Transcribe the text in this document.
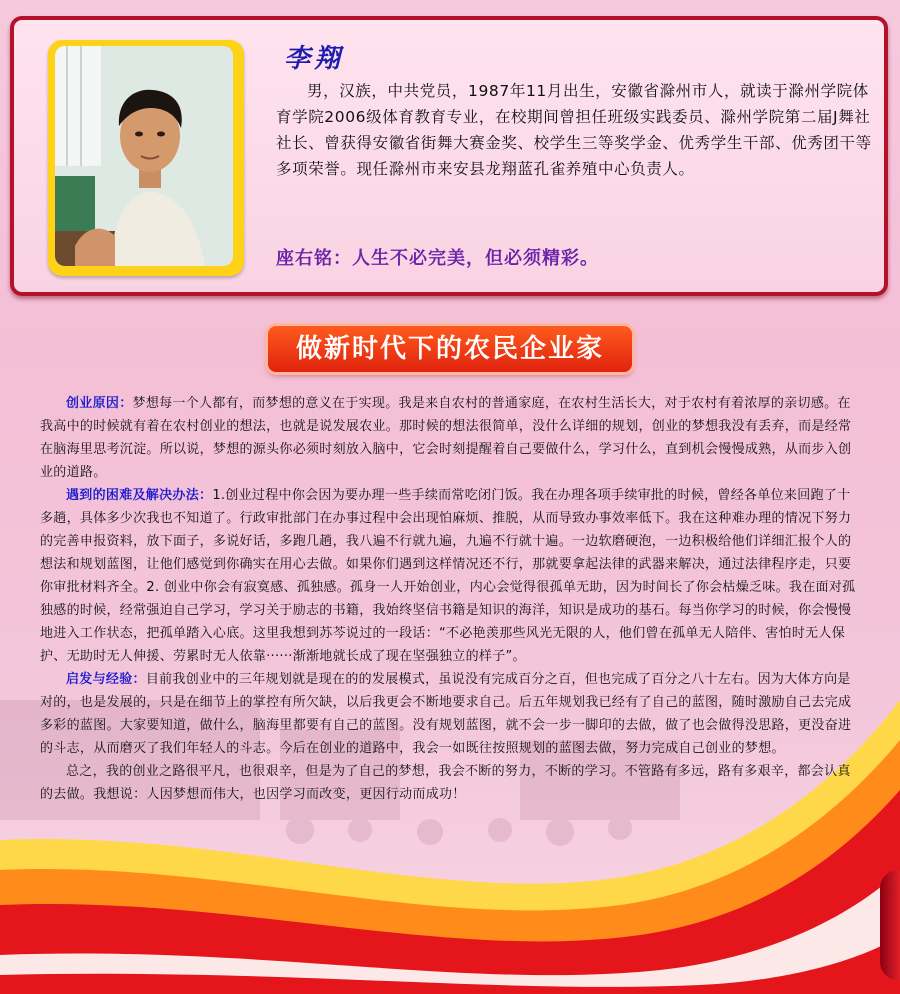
李翔

男，汉族，中共党员，1987年11月出生，安徽省滁州市人，就读于滁州学院体育学院2006级体育教育专业，在校期间曾担任班级实践委员、滁州学院第二届J舞社社长、曾获得安徽省街舞大赛金奖、校学生三等奖学金、优秀学生干部、优秀团干等多项荣誉。现任滁州市来安县龙翔蓝孔雀养殖中心负责人。

座右铭：人生不必完美，但必须精彩。
做新时代下的农民企业家

创业原因：梦想每一个人都有，而梦想的意义在于实现。我是来自农村的普通家庭，在农村生活长大，对于农村有着浓厚的亲切感。在我高中的时候就有着在农村创业的想法，也就是说发展农业。那时候的想法很简单，没什么详细的规划，创业的梦想我没有丢弃，而是经常在脑海里思考沉淀。所以说，梦想的源头你必须时刻放入脑中，它会时刻提醒着自己要做什么，学习什么，直到机会慢慢成熟，从而步入创业的道路。

遇到的困难及解决办法：1.创业过程中你会因为要办理一些手续而常吃闭门饭。我在办理各项手续审批的时候，曾经各单位来回跑了十多趟，具体多少次我也不知道了。行政审批部门在办事过程中会出现怕麻烦、推脱，从而导致办事效率低下。我在这种难办理的情况下努力的完善申报资料，放下面子，多说好话，多跑几趟，我八遍不行就九遍，九遍不行就十遍。一边软磨硬泡，一边积极给他们详细汇报个人的想法和规划蓝图，让他们感觉到你确实在用心去做。如果你们遇到这样情况还不行，那就要拿起法律的武器来解决，通过法律程序走，只要你审批材料齐全。2. 创业中你会有寂寞感、孤独感。孤身一人开始创业，内心会觉得很孤单无助，因为时间长了你会枯燥乏味。我在面对孤独感的时候，经常强迫自己学习，学习关于励志的书籍，我始终坚信书籍是知识的海洋，知识是成功的基石。每当你学习的时候，你会慢慢地进入工作状态，把孤单踏入心底。这里我想到苏芩说过的一段话：“不必艳羡那些风光无限的人，他们曾在孤单无人陪伴、害怕时无人保护、无助时无人伸援、劳累时无人依靠······渐渐地就长成了现在坚强独立的样子”。

启发与经验：目前我创业中的三年规划就是现在的的发展模式，虽说没有完成百分之百，但也完成了百分之八十左右。因为大体方向是对的，也是发展的，只是在细节上的掌控有所欠缺，以后我更会不断地要求自己。后五年规划我已经有了自己的蓝图，随时激励自己去完成多彩的蓝图。大家要知道，做什么，脑海里都要有自己的蓝图。没有规划蓝图，就不会一步一脚印的去做，做了也会做得没思路，更没奋进的斗志，从而磨灭了我们年轻人的斗志。今后在创业的道路中，我会一如既往按照规划的蓝图去做，努力完成自己创业的梦想。

总之，我的创业之路很平凡，也很艰辛，但是为了自己的梦想，我会不断的努力，不断的学习。不管路有多远，路有多艰辛，都会认真的去做。我想说：人因梦想而伟大，也因学习而改变，更因行动而成功！
